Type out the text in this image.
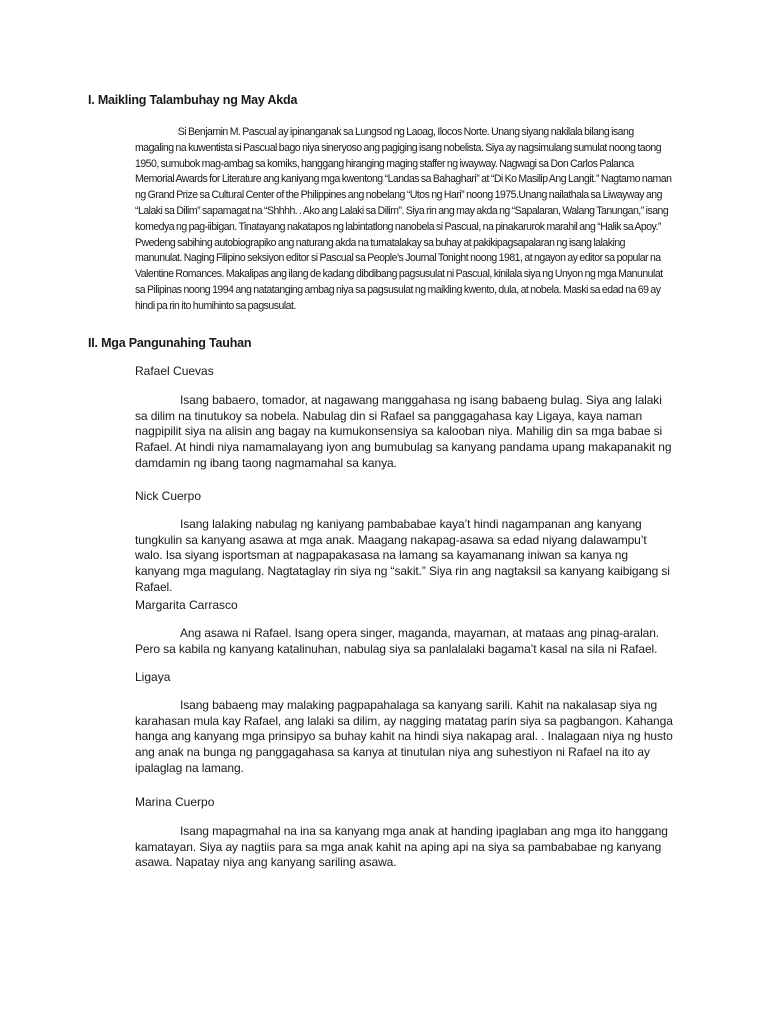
I. Maikling Talambuhay ng May Akda

Si Benjamin M. Pascual ay ipinanganak sa Lungsod ng Laoag, Ilocos Norte. Unang siyang nakilala bilang isang magaling na kuwentista si Pascual bago niya sineryoso ang pagiging isang nobelista. Siya ay nagsimulang sumulat noong taong 1950, sumubok mag-ambag sa komiks, hanggang hiranging maging staffer ng iwayway. Nagwagi sa Don Carlos Palanca Memorial Awards for Literature ang kaniyang mga kwentong “Landas sa Bahaghari” at “Di Ko Masilip Ang Langit.” Nagtamo naman ng Grand Prize sa Cultural Center of the Philippines ang nobelang “Utos ng Hari” noong 1975.Unang nailathala sa Liwayway ang “Lalaki sa Dilim” sapamagat na “Shhhh. . Ako ang Lalaki sa Dilim”. Siya rin ang may akda ng “Sapalaran, Walang Tanungan,” isang komedya ng pag-iibigan. Tinatayang nakatapos ng labintatlong nanobela si Pascual, na pinakarurok marahil ang “Halik sa Apoy.” Pwedeng sabihing autobiograpiko ang naturang akda na tumatalakay sa buhay at pakikipagsapalaran ng isang lalaking manunulat. Naging Filipino seksiyon editor si Pascual sa People’s Journal Tonight noong 1981, at ngayon ay editor sa popular na Valentine Romances. Makalipas ang ilang de kadang dibdibang pagsusulat ni Pascual, kinilala siya ng Unyon ng mga Manunulat sa Pilipinas noong 1994 ang natatanging ambag niya sa pagsusulat ng maikling kwento, dula, at nobela. Maski sa edad na 69 ay hindi pa rin ito humihinto sa pagsusulat.

II. Mga Pangunahing Tauhan

Rafael Cuevas

Isang babaero, tomador, at nagawang manggahasa ng isang babaeng bulag. Siya ang lalaki sa dilim na tinutukoy sa nobela. Nabulag din si Rafael sa panggagahasa kay Ligaya, kaya naman nagpipilit siya na alisin ang bagay na kumukonsensiya sa kalooban niya. Mahilig din sa mga babae si Rafael. At hindi niya namamalayang iyon ang bumubulag sa kanyang pandama upang makapanakit ng damdamin ng ibang taong nagmamahal sa kanya.

Nick Cuerpo

Isang lalaking nabulag ng kaniyang pambababae kaya’t hindi nagampanan ang kanyang tungkulin sa kanyang asawa at mga anak. Maagang nakapag-asawa sa edad niyang dalawampu’t walo. Isa siyang isportsman at nagpapakasasa na lamang sa kayamanang iniwan sa kanya ng kanyang mga magulang. Nagtataglay rin siya ng “sakit.” Siya rin ang nagtaksil sa kanyang kaibigang si Rafael.

Margarita Carrasco

Ang asawa ni Rafael. Isang opera singer, maganda, mayaman, at mataas ang pinag-aralan. Pero sa kabila ng kanyang katalinuhan, nabulag siya sa panlalalaki bagama’t kasal na sila ni Rafael.

Ligaya

Isang babaeng may malaking pagpapahalaga sa kanyang sarili. Kahit na nakalasap siya ng karahasan mula kay Rafael, ang lalaki sa dilim, ay nagging matatag parin siya sa pagbangon. Kahanga hanga ang kanyang mga prinsipyo sa buhay kahit na hindi siya nakapag aral. . Inalagaan niya ng husto ang anak na bunga ng panggagahasa sa kanya at tinutulan niya ang suhestiyon ni Rafael na ito ay ipalaglag na lamang.

Marina Cuerpo

Isang mapagmahal na ina sa kanyang mga anak at handing ipaglaban ang mga ito hanggang kamatayan. Siya ay nagtiis para sa mga anak kahit na aping api na siya sa pambababae ng kanyang asawa. Napatay niya ang kanyang sariling asawa.
